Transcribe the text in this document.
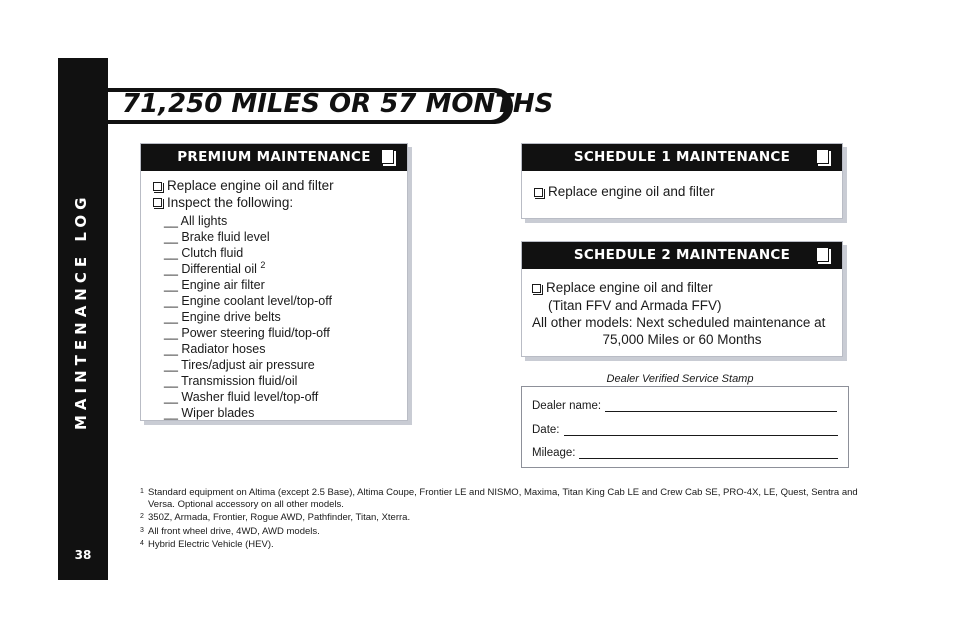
MAINTENANCE LOG
38
71,250 MILES OR 57 MONTHS
PREMIUM MAINTENANCE
Replace engine oil and filter
Inspect the following:
__ All lights
__ Brake fluid level
__ Clutch fluid
__ Differential oil $^2$
__ Engine air filter
__ Engine coolant level/top-off
__ Engine drive belts
__ Power steering fluid/top-off
__ Radiator hoses
__ Tires/adjust air pressure
__ Transmission fluid/oil
__ Washer fluid level/top-off
__ Wiper blades
SCHEDULE 1 MAINTENANCE
Replace engine oil and filter
SCHEDULE 2 MAINTENANCE
Replace engine oil and filter
(Titan FFV and Armada FFV)
All other models: Next scheduled maintenance at
75,000 Miles or 60 Months
Dealer Verified Service Stamp
Dealer name:
Date:
Mileage:
1 Standard equipment on Altima (except 2.5 Base), Altima Coupe, Frontier LE and NISMO, Maxima, Titan King Cab LE and Crew Cab SE, PRO-4X, LE, Quest, Sentra and Versa. Optional accessory on all other models.
2 350Z, Armada, Frontier, Rogue AWD, Pathfinder, Titan, Xterra.
3 All front wheel drive, 4WD, AWD models.
4 Hybrid Electric Vehicle (HEV).
